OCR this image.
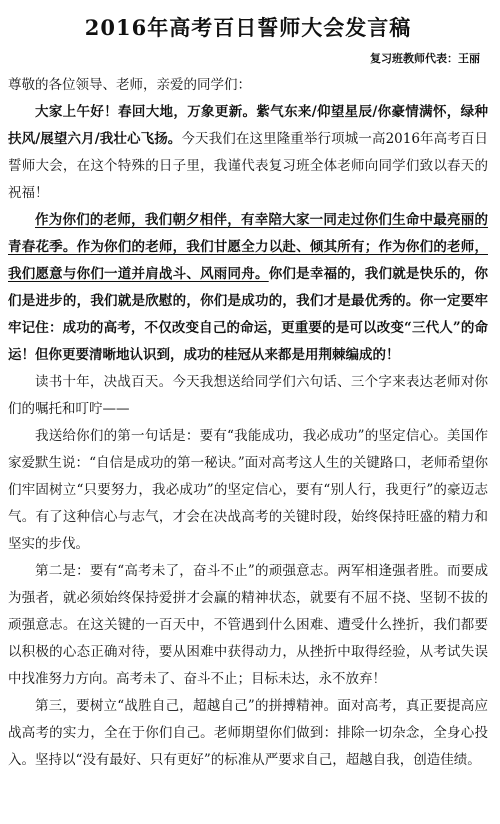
2016年高考百日誓师大会发言稿
复习班教师代表：王丽
尊敬的各位领导、老师，亲爱的同学们：

大家上午好！春回大地，万象更新。紫气东来/仰望星辰/你豪情满怀，绿种扶风/展望六月/我壮心飞扬。今天我们在这里隆重举行项城一高2016年高考百日誓师大会，在这个特殊的日子里，我谨代表复习班全体老师向同学们致以春天的祝福！

作为你们的老师，我们朝夕相伴，有幸陪大家一同走过你们生命中最亮丽的青春花季。作为你们的老师，我们甘愿全力以赴、倾其所有；作为你们的老师，我们愿意与你们一道并肩战斗、风雨同舟。你们是幸福的，我们就是快乐的，你们是进步的，我们就是欣慰的，你们是成功的，我们才是最优秀的。你一定要牢牢记住：成功的高考，不仅改变自己的命运，更重要的是可以改变“三代人”的命运！但你更要清晰地认识到，成功的桂冠从来都是用荆棘编成的！

读书十年，决战百天。今天我想送给同学们六句话、三个字来表达老师对你们的嘱托和叮咛——

我送给你们的第一句话是：要有“我能成功，我必成功”的坚定信心。美国作家爱默生说：“自信是成功的第一秘诀。”面对高考这人生的关键路口，老师希望你们牢固树立“只要努力，我必成功”的坚定信心，要有“别人行，我更行”的豪迈志气。有了这种信心与志气，才会在决战高考的关键时段，始终保持旺盛的精力和坚实的步伐。

第二是：要有“高考未了，奋斗不止”的顽强意志。两军相逢强者胜。而要成为强者，就必须始终保持爱拼才会赢的精神状态，就要有不屈不挠、坚韧不拔的顽强意志。在这关键的一百天中，不管遇到什么困难、遭受什么挫折，我们都要以积极的心态正确对待，要从困难中获得动力，从挫折中取得经验，从考试失误中找准努力方向。高考未了、奋斗不止；目标未达，永不放弃！

第三，要树立“战胜自己，超越自己”的拼搏精神。面对高考，真正要提高应战高考的实力，全在于你们自己。老师期望你们做到：排除一切杂念，全身心投入。坚持以“没有最好、只有更好”的标准从严要求自己，超越自我，创造佳绩。
